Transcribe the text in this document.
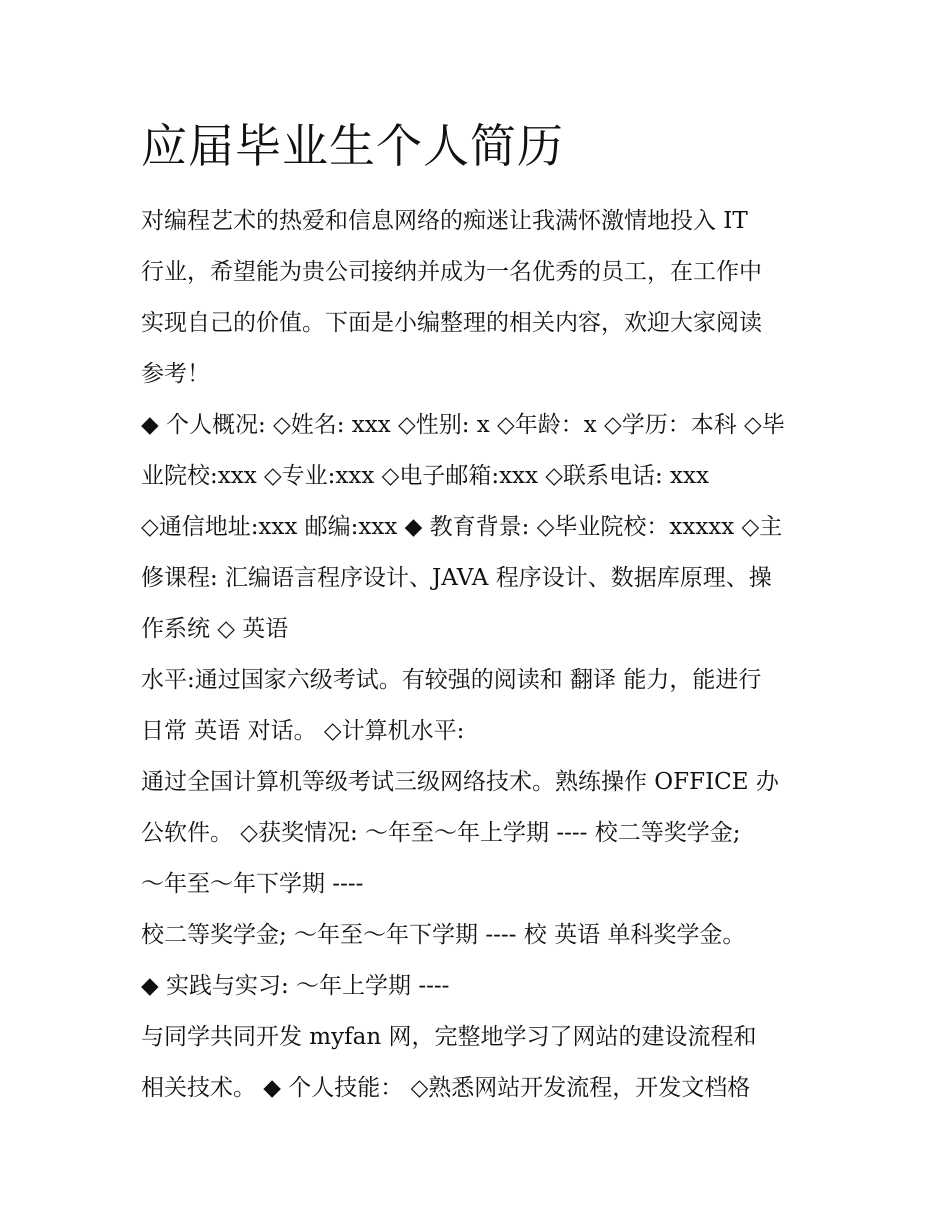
应届毕业生个人简历

对编程艺术的热爱和信息网络的痴迷让我满怀激情地投入 IT

行业，希望能为贵公司接纳并成为一名优秀的员工，在工作中

实现自己的价值。下面是小编整理的相关内容，欢迎大家阅读

参考！

◆ 个人概况: ◇姓名: xxx ◇性别: x ◇年龄：x ◇学历：本科 ◇毕

业院校:xxx ◇专业:xxx ◇电子邮箱:xxx ◇联系电话: xxx

◇通信地址:xxx 邮编:xxx ◆ 教育背景: ◇毕业院校：xxxxx ◇主

修课程: 汇编语言程序设计、JAVA 程序设计、数据库原理、操

作系统 ◇ 英语

水平:通过国家六级考试。有较强的阅读和 翻译 能力，能进行

日常 英语 对话。 ◇计算机水平:

通过全国计算机等级考试三级网络技术。熟练操作 OFFICE 办

公软件。 ◇获奖情况: ～年至～年上学期 ---- 校二等奖学金;

～年至～年下学期 ----

校二等奖学金; ～年至～年下学期 ---- 校 英语 单科奖学金。

◆ 实践与实习: ～年上学期 ----

与同学共同开发 myfan 网，完整地学习了网站的建设流程和

相关技术。 ◆ 个人技能： ◇熟悉网站开发流程，开发文档格
